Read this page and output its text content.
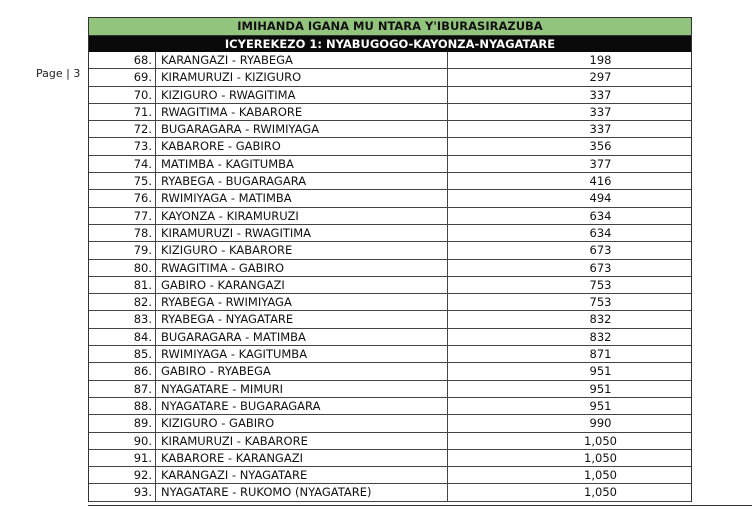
Page | 3
IMIHANDA IGANA MU NTARA Y'IBURASIRAZUBA
ICYEREKEZO 1: NYABUGOGO-KAYONZA-NYAGATARE
68. KARANGAZI - RYABEGA	198
69. KIRAMURUZI - KIZIGURO	297
70. KIZIGURO - RWAGITIMA	337
71. RWAGITIMA - KABARORE	337
72. BUGARAGARA - RWIMIYAGA	337
73. KABARORE - GABIRO	356
74. MATIMBA - KAGITUMBA	377
75. RYABEGA - BUGARAGARA	416
76. RWIMIYAGA - MATIMBA	494
77. KAYONZA - KIRAMURUZI	634
78. KIRAMURUZI - RWAGITIMA	634
79. KIZIGURO - KABARORE	673
80. RWAGITIMA - GABIRO	673
81. GABIRO - KARANGAZI	753
82. RYABEGA - RWIMIYAGA	753
83. RYABEGA - NYAGATARE	832
84. BUGARAGARA - MATIMBA	832
85. RWIMIYAGA - KAGITUMBA	871
86. GABIRO - RYABEGA	951
87. NYAGATARE - MIMURI	951
88. NYAGATARE - BUGARAGARA	951
89. KIZIGURO - GABIRO	990
90. KIRAMURUZI - KABARORE	1,050
91. KABARORE - KARANGAZI	1,050
92. KARANGAZI - NYAGATARE	1,050
93. NYAGATARE - RUKOMO (NYAGATARE)	1,050
